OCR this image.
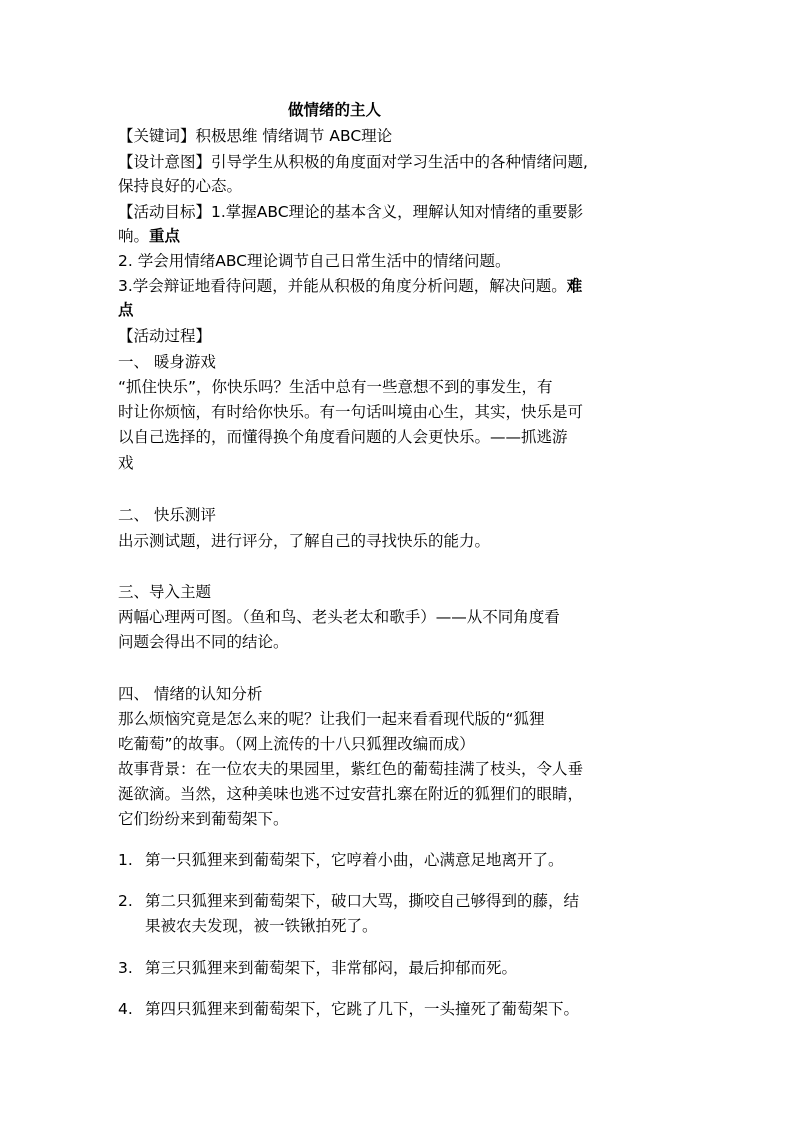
做情绪的主人
【关键词】积极思维 情绪调节 ABC理论
【设计意图】引导学生从积极的角度面对学习生活中的各种情绪问题,
保持良好的心态。
【活动目标】1.掌握ABC理论的基本含义，理解认知对情绪的重要影
响。重点
2. 学会用情绪ABC理论调节自己日常生活中的情绪问题。
3.学会辩证地看待问题，并能从积极的角度分析问题，解决问题。难
点
【活动过程】
一、 暖身游戏
“抓住快乐”，你快乐吗？生活中总有一些意想不到的事发生，有
时让你烦恼，有时给你快乐。有一句话叫境由心生，其实，快乐是可
以自己选择的，而懂得换个角度看问题的人会更快乐。——抓逃游
戏
二、 快乐测评
出示测试题，进行评分，了解自己的寻找快乐的能力。
三、导入主题
两幅心理两可图。（鱼和鸟、老头老太和歌手）——从不同角度看
问题会得出不同的结论。
四、 情绪的认知分析
那么烦恼究竟是怎么来的呢？让我们一起来看看现代版的“狐狸
吃葡萄”的故事。（网上流传的十八只狐狸改编而成）
故事背景：在一位农夫的果园里，紫红色的葡萄挂满了枝头，令人垂
涎欲滴。当然，这种美味也逃不过安营扎寨在附近的狐狸们的眼睛，
它们纷纷来到葡萄架下。
1. 第一只狐狸来到葡萄架下，它哼着小曲，心满意足地离开了。
2. 第二只狐狸来到葡萄架下，破口大骂，撕咬自己够得到的藤，结
果被农夫发现，被一铁锹拍死了。
3. 第三只狐狸来到葡萄架下，非常郁闷，最后抑郁而死。
4. 第四只狐狸来到葡萄架下，它跳了几下，一头撞死了葡萄架下。
